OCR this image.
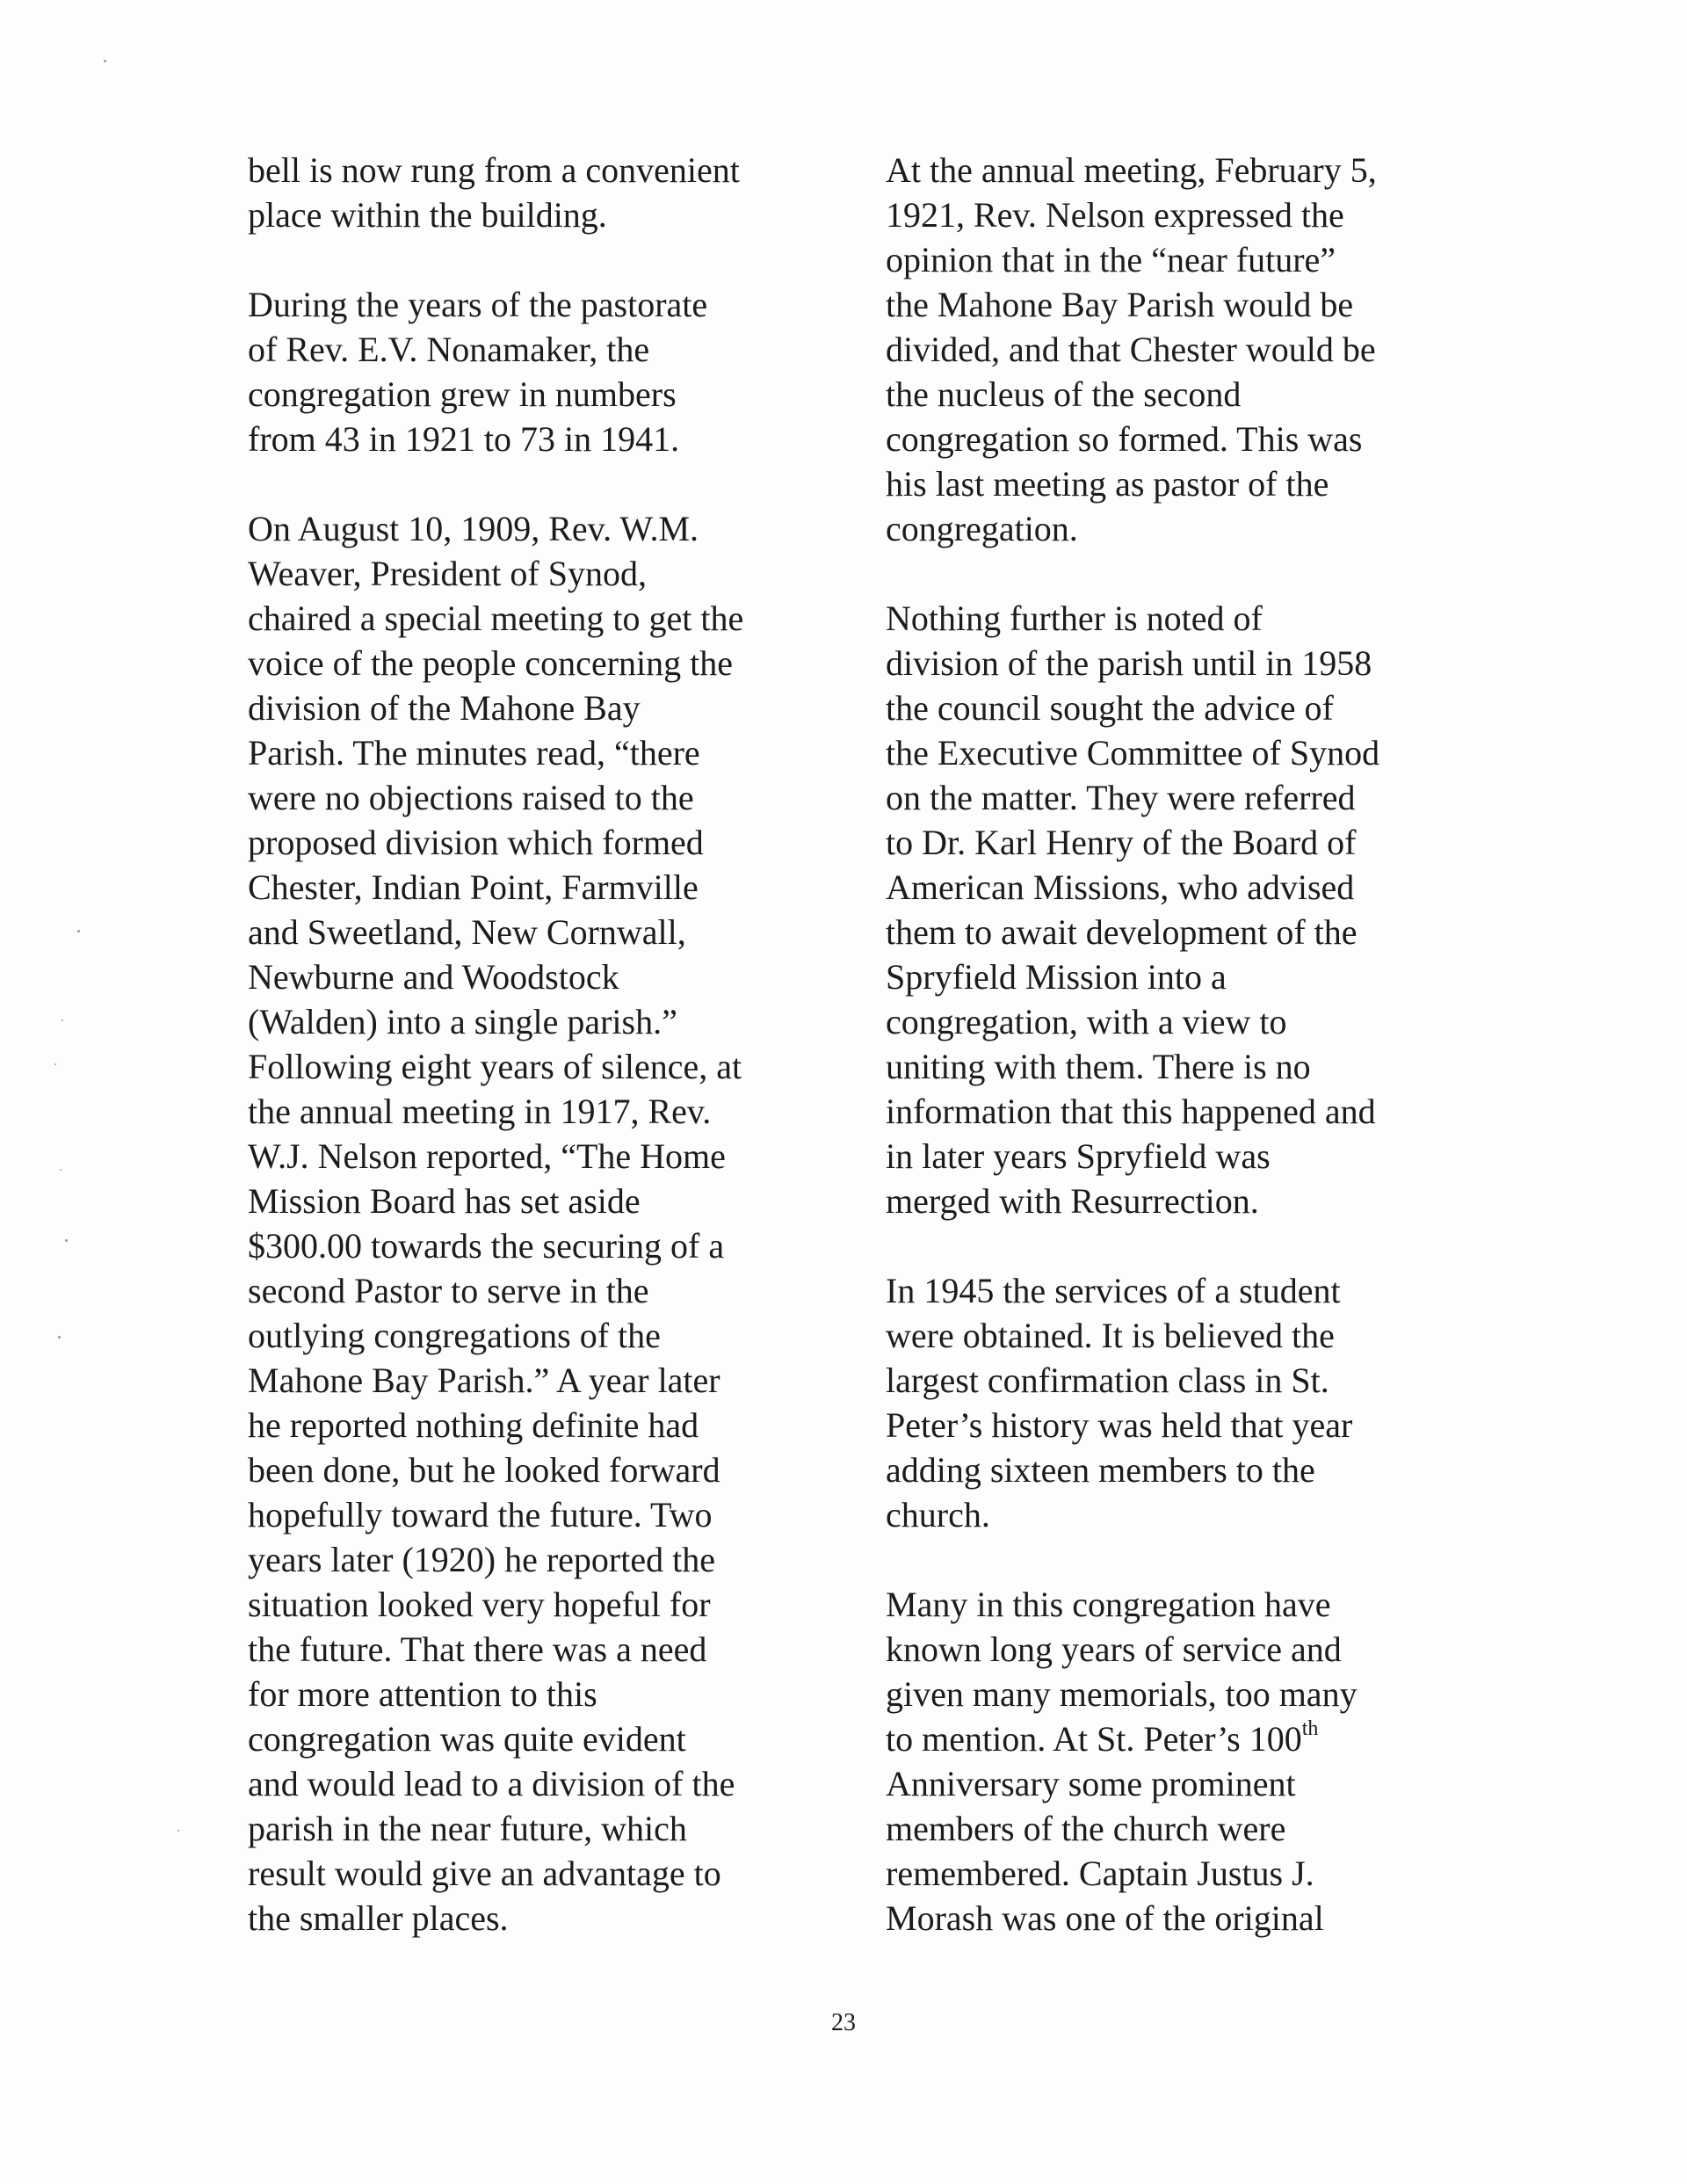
bell is now rung from a convenient
place within the building.
During the years of the pastorate
of Rev. E.V. Nonamaker, the
congregation grew in numbers
from 43 in 1921 to 73 in 1941.
On August 10, 1909, Rev. W.M.
Weaver, President of Synod,
chaired a special meeting to get the
voice of the people concerning the
division of the Mahone Bay
Parish. The minutes read, “there
were no objections raised to the
proposed division which formed
Chester, Indian Point, Farmville
and Sweetland, New Cornwall,
Newburne and Woodstock
(Walden) into a single parish.”
Following eight years of silence, at
the annual meeting in 1917, Rev.
W.J. Nelson reported, “The Home
Mission Board has set aside
$300.00 towards the securing of a
second Pastor to serve in the
outlying congregations of the
Mahone Bay Parish.” A year later
he reported nothing definite had
been done, but he looked forward
hopefully toward the future. Two
years later (1920) he reported the
situation looked very hopeful for
the future. That there was a need
for more attention to this
congregation was quite evident
and would lead to a division of the
parish in the near future, which
result would give an advantage to
the smaller places.
At the annual meeting, February 5,
1921, Rev. Nelson expressed the
opinion that in the “near future”
the Mahone Bay Parish would be
divided, and that Chester would be
the nucleus of the second
congregation so formed. This was
his last meeting as pastor of the
congregation.
Nothing further is noted of
division of the parish until in 1958
the council sought the advice of
the Executive Committee of Synod
on the matter. They were referred
to Dr. Karl Henry of the Board of
American Missions, who advised
them to await development of the
Spryfield Mission into a
congregation, with a view to
uniting with them. There is no
information that this happened and
in later years Spryfield was
merged with Resurrection.
In 1945 the services of a student
were obtained. It is believed the
largest confirmation class in St.
Peter’s history was held that year
adding sixteen members to the
church.
Many in this congregation have
known long years of service and
given many memorials, too many
to mention. At St. Peter’s 100th
Anniversary some prominent
members of the church were
remembered. Captain Justus J.
Morash was one of the original
23
